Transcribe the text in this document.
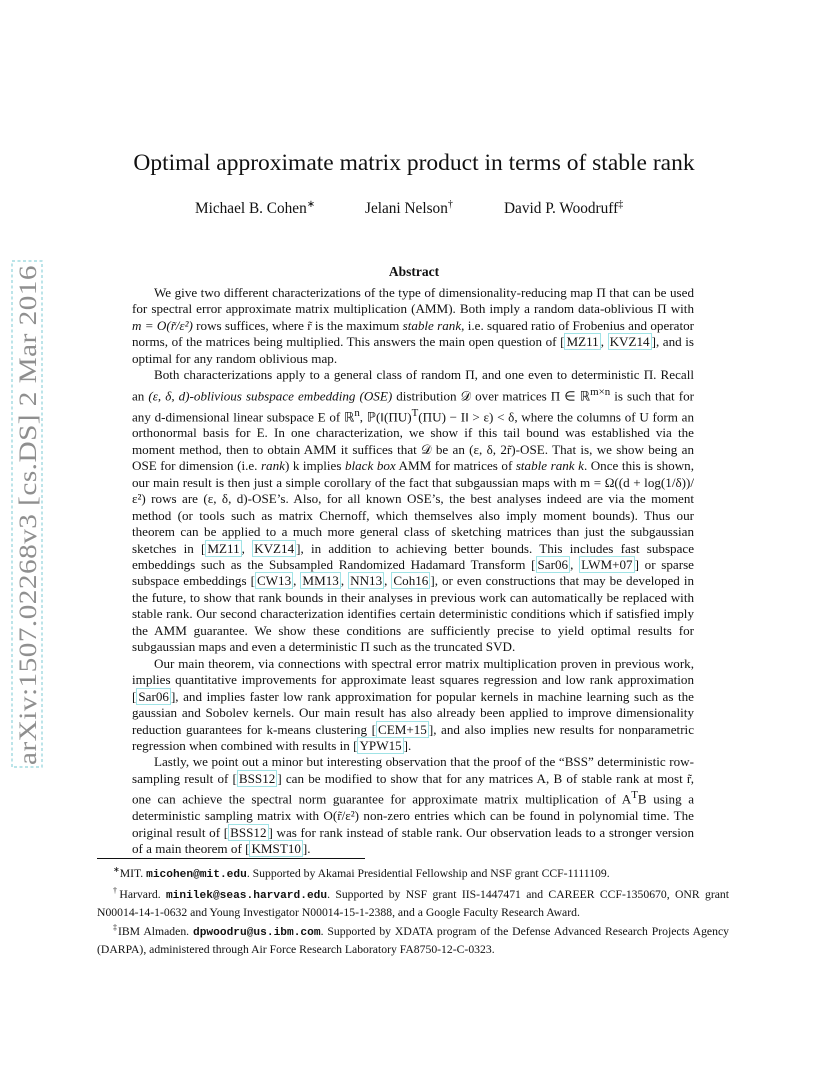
arXiv:1507.02268v3 [cs.DS] 2 Mar 2016
Optimal approximate matrix product in terms of stable rank
Michael B. Cohen∗	Jelani Nelson†	David P. Woodruff‡
Abstract

We give two different characterizations of the type of dimensionality-reducing map Π that can be used for spectral error approximate matrix multiplication (AMM). Both imply a random data-oblivious Π with m = O(r̃/ε²) rows suffices, where r̃ is the maximum stable rank, i.e. squared ratio of Frobenius and operator norms, of the matrices being multiplied. This answers the main open question of [ MZ11 , KVZ14 ], and is optimal for any random oblivious map.

Both characterizations apply to a general class of random Π, and one even to deterministic Π. Recall an (ε, δ, d)-oblivious subspace embedding (OSE) distribution 𝒟 over matrices Π ∈ ℝ$^{m\times n}$ is such that for any d-dimensional linear subspace E of ℝ$^n$, $ℙ(‖(\Pi U)^T(\Pi U)$ − I‖ > ε) < δ, where the columns of U form an orthonormal basis for E. In one characterization, we show if this tail bound was established via the moment method, then to obtain AMM it suffices that 𝒟 be an (ε, δ, 2r̃)-OSE. That is, we show being an OSE for dimension (i.e. rank) k implies black box AMM for matrices of stable rank k. Once this is shown, our main result is then just a simple corollary of the fact that subgaussian maps with m = Ω((d + log(1/δ))/ε²) rows are (ε, δ, d)-OSE’s. Also, for all known OSE’s, the best analyses indeed are via the moment method (or tools such as matrix Chernoff, which themselves also imply moment bounds). Thus our theorem can be applied to a much more general class of sketching matrices than just the subgaussian sketches in [ MZ11 , KVZ14 ], in addition to achieving better bounds. This includes fast subspace embeddings such as the Subsampled Randomized Hadamard Transform [ Sar06 , LWM+07 ] or sparse subspace embeddings [ CW13 , MM13 , NN13 , Coh16 ], or even constructions that may be developed in the future, to show that rank bounds in their analyses in previous work can automatically be replaced with stable rank. Our second characterization identifies certain deterministic conditions which if satisfied imply the AMM guarantee. We show these conditions are sufficiently precise to yield optimal results for subgaussian maps and even a deterministic Π such as the truncated SVD.

Our main theorem, via connections with spectral error matrix multiplication proven in previous work, implies quantitative improvements for approximate least squares regression and low rank approximation [ Sar06 ], and implies faster low rank approximation for popular kernels in machine learning such as the gaussian and Sobolev kernels. Our main result has also already been applied to improve dimensionality reduction guarantees for k-means clustering [ CEM+15 ], and also implies new results for nonparametric regression when combined with results in [ YPW15 ].

Lastly, we point out a minor but interesting observation that the proof of the “BSS” deterministic row-sampling result of [ BSS12 ] can be modified to show that for any matrices A, B of stable rank at most r̃, one can achieve the spectral norm guarantee for approximate matrix multiplication of $A^TB$ using a deterministic sampling matrix with O(r̃/ε²) non-zero entries which can be found in polynomial time. The original result of [ BSS12 ] was for rank instead of stable rank. Our observation leads to a stronger version of a main theorem of [ KMST10 ].

∗MIT. micohen@mit.edu. Supported by Akamai Presidential Fellowship and NSF grant CCF-1111109.

†Harvard. minilek@seas.harvard.edu. Supported by NSF grant IIS-1447471 and CAREER CCF-1350670, ONR grant N00014-14-1-0632 and Young Investigator N00014-15-1-2388, and a Google Faculty Research Award.

‡IBM Almaden. dpwoodru@us.ibm.com. Supported by XDATA program of the Defense Advanced Research Projects Agency (DARPA), administered through Air Force Research Laboratory FA8750-12-C-0323.
